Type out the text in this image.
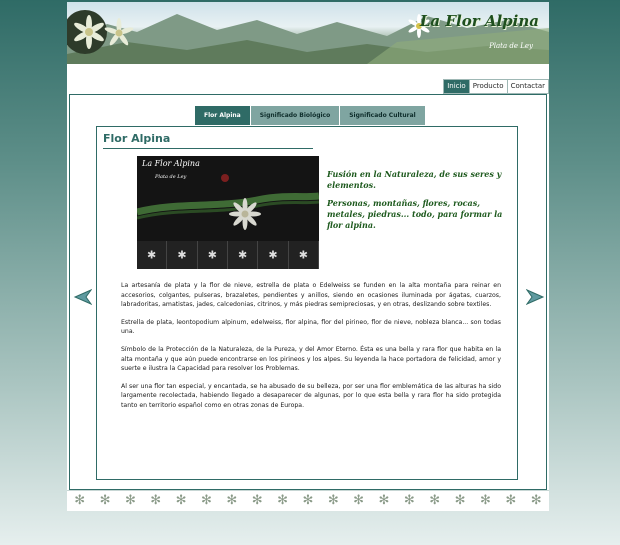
La Flor Alpina
Plata de Ley
Inicio	Producto	Contactar
Flor Alpina	Significado Biológico	Significado Cultural
Flor Alpina
La Flor Alpina
Plata de Ley
✱
✱
✱
✱
✱
✱	Fusión en la Naturaleza, de sus seres y elementos.

Personas, montañas, flores, rocas, metales, piedras... todo, para formar la flor alpina.

La artesanía de plata y la flor de nieve, estrella de plata o Edelweiss se funden en la alta montaña para reinar en accesorios, colgantes, pulseras, brazaletes, pendientes y anillos, siendo en ocasiones iluminada por ágatas, cuarzos, labradoritas, amatistas, jades, calcedonias, citrinos, y más piedras semipreciosas, y en otras, deslizando sobre textiles.

Estrella de plata, leontopodium alpinum, edelweiss, flor alpina, flor del pirineo, flor de nieve, nobleza blanca... son todas una.

Símbolo de la Protección de la Naturaleza, de la Pureza, y del Amor Eterno. Ésta es una bella y rara flor que habita en la alta montaña y que aún puede encontrarse en los pirineos y los alpes. Su leyenda la hace portadora de felicidad, amor y suerte e ilustra la Capacidad para resolver los Problemas.

Al ser una flor tan especial, y encantada, se ha abusado de su belleza, por ser una flor emblemática de las alturas ha sido largamente recolectada, habiendo llegado a desaparecer de algunas, por lo que esta bella y rara flor ha sido protegida tanto en territorio español como en otras zonas de Europa.

✻ ✻ ✻ ✻ ✻ ✻ ✻ ✻ ✻ ✻ ✻ ✻ ✻ ✻ ✻ ✻ ✻ ✻ ✻
